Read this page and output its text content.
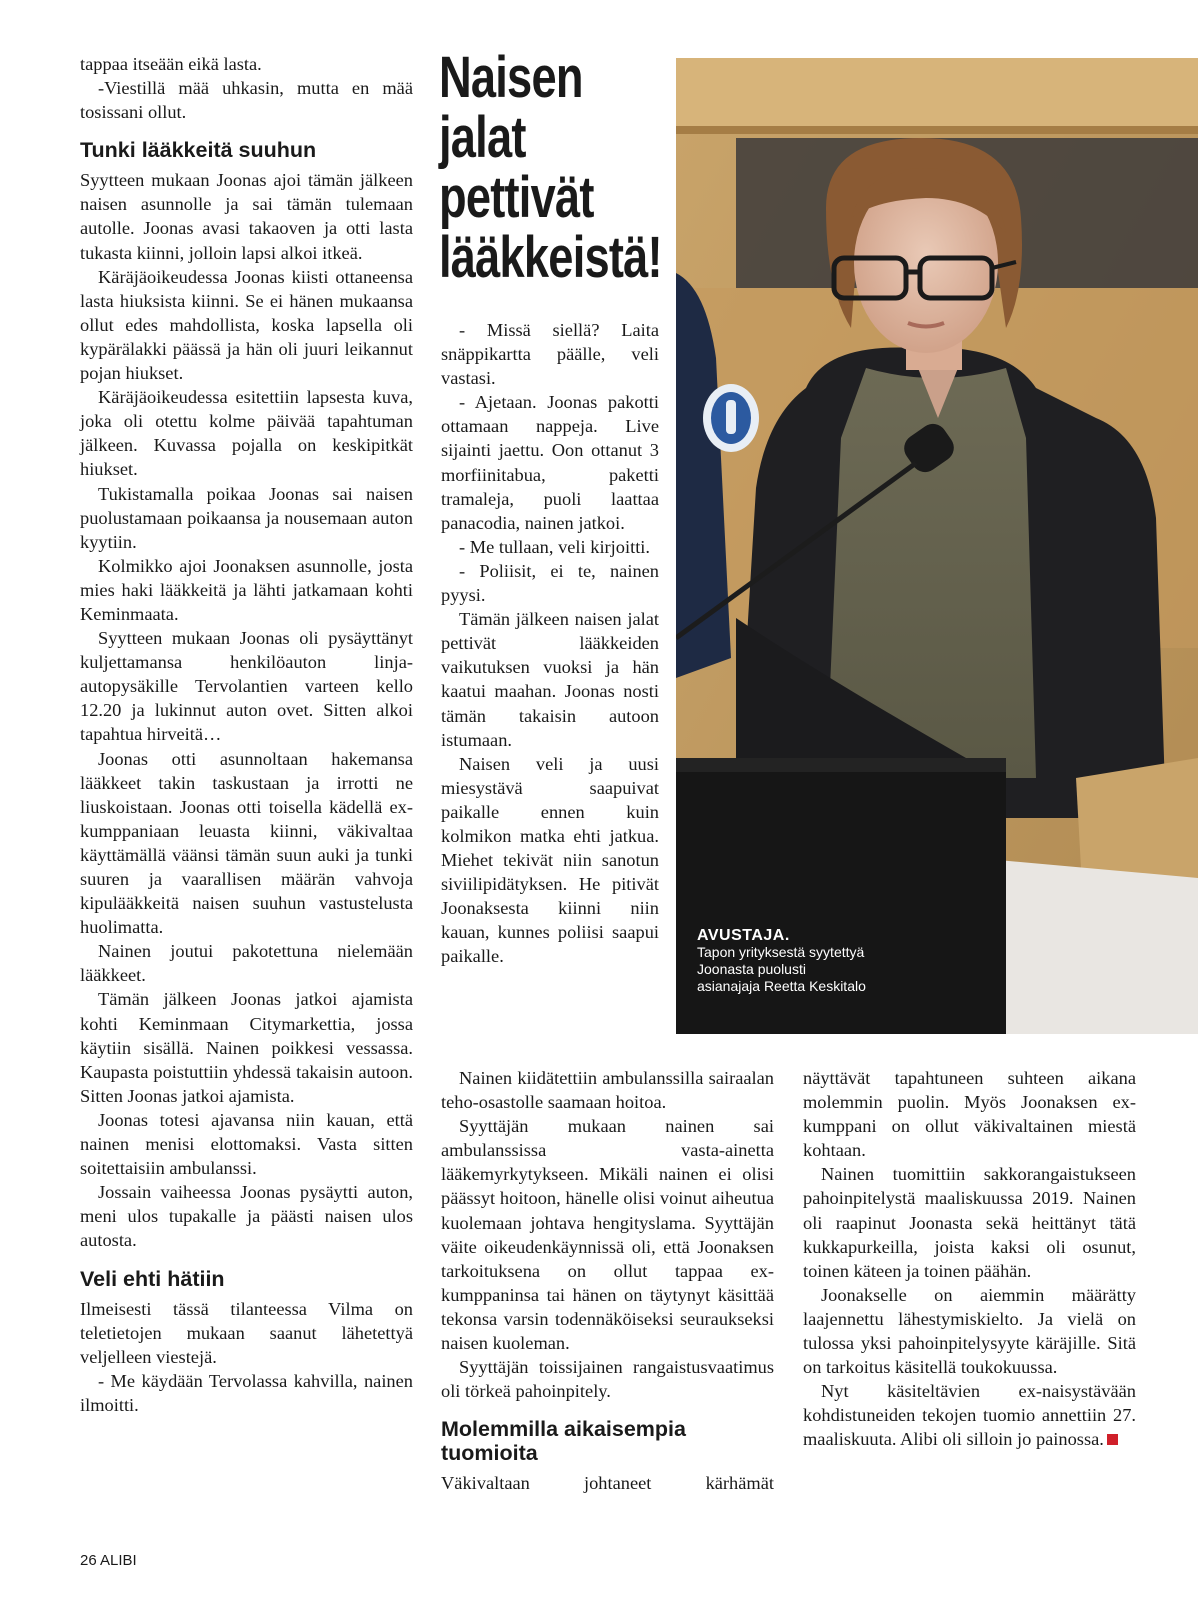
tappaa itseään eikä lasta.

-Viestillä mää uhkasin, mutta en mää tosissani ollut.

Tunki lääkkeitä suuhun

Syytteen mukaan Joonas ajoi tämän jälkeen naisen asunnolle ja sai tämän tulemaan autolle. Joonas avasi takaoven ja otti lasta tukasta kiinni, jolloin lapsi alkoi itkeä.

Käräjäoikeudessa Joonas kiisti ottaneensa lasta hiuksista kiinni. Se ei hänen mukaansa ollut edes mahdollista, koska lapsella oli kypärälakki päässä ja hän oli juuri leikannut pojan hiukset.

Käräjäoikeudessa esitettiin lapsesta kuva, joka oli otettu kolme päivää tapahtuman jälkeen. Kuvassa pojalla on keskipitkät hiukset.

Tukistamalla poikaa Joonas sai naisen puolustamaan poikaansa ja nousemaan auton kyytiin.

Kolmikko ajoi Joonaksen asunnolle, josta mies haki lääkkeitä ja lähti jatkamaan kohti Keminmaata.

Syytteen mukaan Joonas oli pysäyttänyt kuljettamansa henkilöauton linja-autopysäkille Tervolantien varteen kello 12.20 ja lukinnut auton ovet. Sitten alkoi tapahtua hirveitä…

Joonas otti asunnoltaan hakemansa lääkkeet takin taskustaan ja irrotti ne liuskoistaan. Joonas otti toisella kädellä ex-kumppaniaan leuasta kiinni, väkivaltaa käyttämällä väänsi tämän suun auki ja tunki suuren ja vaarallisen määrän vahvoja kipulääkkeitä naisen suuhun vastustelusta huolimatta.

Nainen joutui pakotettuna nielemään lääkkeet.

Tämän jälkeen Joonas jatkoi ajamista kohti Keminmaan Citymarkettia, jossa käytiin sisällä. Nainen poikkesi vessassa. Kaupasta poistuttiin yhdessä takaisin autoon. Sitten Joonas jatkoi ajamista.

Joonas totesi ajavansa niin kauan, että nainen menisi elottomaksi. Vasta sitten soitettaisiin ambulanssi.

Jossain vaiheessa Joonas pysäytti auton, meni ulos tupakalle ja päästi naisen ulos autosta.

Veli ehti hätiin

Ilmeisesti tässä tilanteessa Vilma on teletietojen mukaan saanut lähetettyä veljelleen viestejä.

- Me käydään Tervolassa kahvilla, nainen ilmoitti.

Naisen
jalat
pettivät
lääkkeistä!

- Missä siellä? Laita snäppikartta päälle, veli vastasi.

- Ajetaan. Joonas pakotti ottamaan nappeja. Live sijainti jaettu. Oon ottanut 3 morfiinitabua, paketti tramaleja, puoli laattaa panacodia, nainen jatkoi.

- Me tullaan, veli kirjoitti.

- Poliisit, ei te, nainen pyysi.

Tämän jälkeen naisen jalat pettivät lääkkeiden vaikutuksen vuoksi ja hän kaatui maahan. Joonas nosti tämän takaisin autoon istumaan.

Naisen veli ja uusi miesystävä saapuivat paikalle ennen kuin kolmikon matka ehti jatkua. Miehet tekivät niin sanotun siviilipidätyksen. He pitivät Joonaksesta kiinni niin kauan, kunnes poliisi saapui paikalle.

Nainen kiidätettiin ambulanssilla sairaalan teho-osastolle saamaan hoitoa.

Syyttäjän mukaan nainen sai ambulanssissa vasta-ainetta lääkemyrkytykseen. Mikäli nainen ei olisi päässyt hoitoon, hänelle olisi voinut aiheutua kuolemaan johtava hengityslama. Syyttäjän väite oikeudenkäynnissä oli, että Joonaksen tarkoituksena on ollut tappaa ex-kumppaninsa tai hänen on täytynyt käsittää tekonsa varsin todennäköiseksi seuraukseksi naisen kuoleman.

Syyttäjän toissijainen rangaistusvaatimus oli törkeä pahoinpitely.

Molemmilla aikaisempia tuomioita

Väkivaltaan johtaneet kärhämät

näyttävät tapahtuneen suhteen aikana molemmin puolin. Myös Joonaksen ex-kumppani on ollut väkivaltainen miestä kohtaan.

Nainen tuomittiin sakkorangaistukseen pahoinpitelystä maaliskuussa 2019. Nainen oli raapinut Joonasta sekä heittänyt tätä kukkapurkeilla, joista kaksi oli osunut, toinen käteen ja toinen päähän.

Joonakselle on aiemmin määrätty laajennettu lähestymiskielto. Ja vielä on tulossa yksi pahoinpitelysyyte käräjille. Sitä on tarkoitus käsitellä toukokuussa.

Nyt käsiteltävien ex-naisystävään kohdistuneiden tekojen tuomio annettiin 27. maaliskuuta. Alibi oli silloin jo painossa.

AVUSTAJA.
Tapon yrityksestä syytettyä Joonasta puolusti asianajaja Reetta Keskitalo
26 ALIBI
